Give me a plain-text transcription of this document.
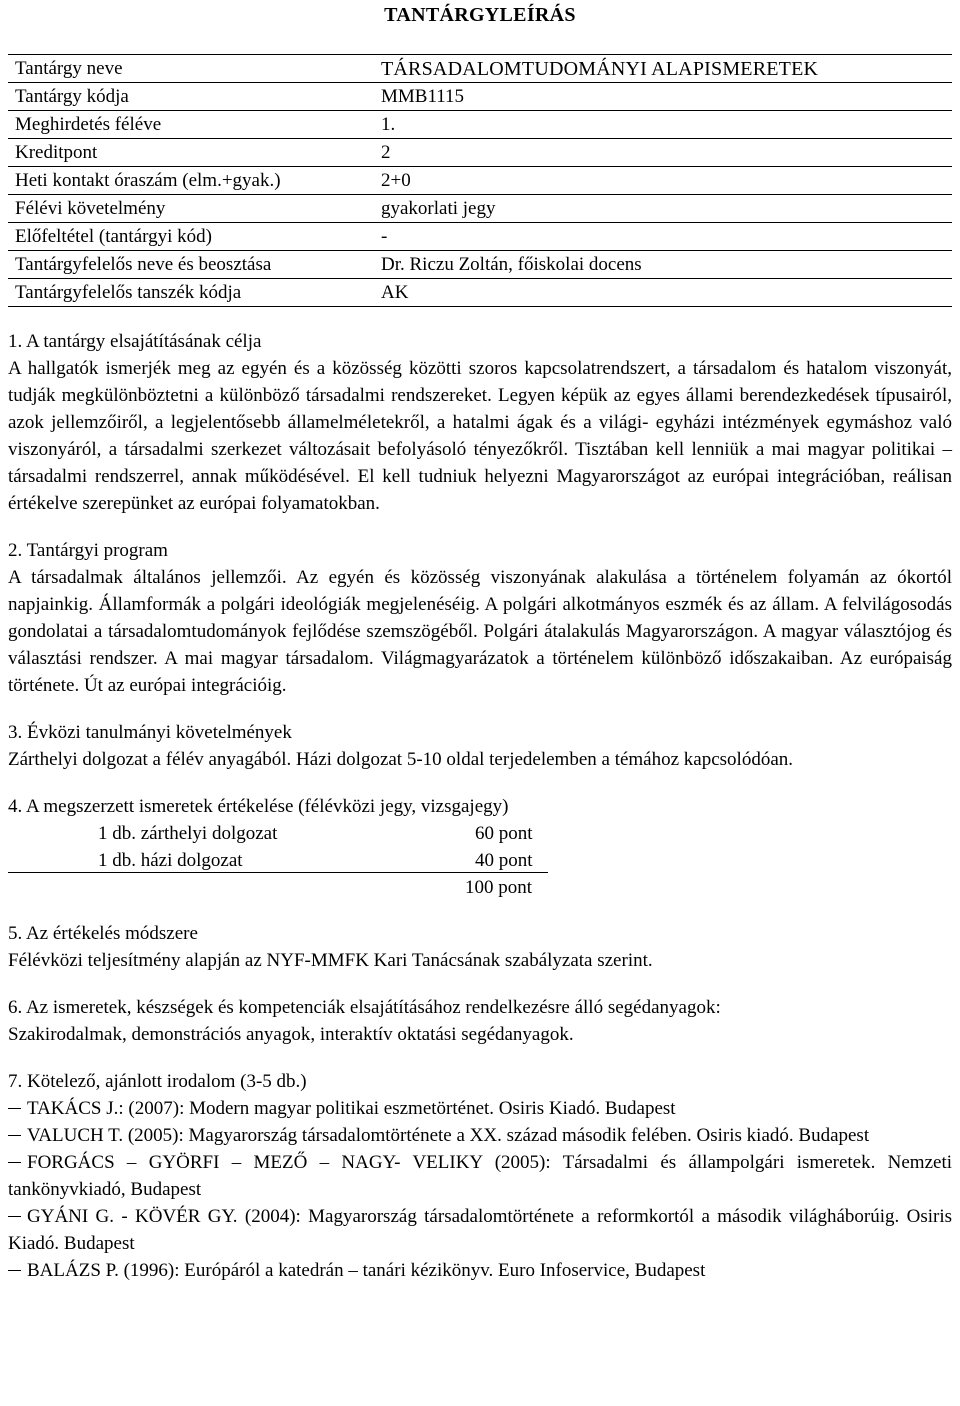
TANTÁRGYLEÍRÁS
Tantárgy neve	TÁRSADALOMTUDOMÁNYI ALAPISMERETEK
Tantárgy kódja	MMB1115
Meghirdetés féléve	1.
Kreditpont	2
Heti kontakt óraszám (elm.+gyak.)	2+0
Félévi követelmény	gyakorlati jegy
Előfeltétel (tantárgyi kód)	-
Tantárgyfelelős neve és beosztása	Dr. Riczu Zoltán, főiskolai docens
Tantárgyfelelős tanszék kódja	AK
1. A tantárgy elsajátításának célja

A hallgatók ismerjék meg az egyén és a közösség közötti szoros kapcsolatrendszert, a társadalom és hatalom viszonyát, tudják megkülönböztetni a különböző társadalmi rendszereket. Legyen képük az egyes állami berendezkedések típusairól, azok jellemzőiről, a legjelentősebb államelméletekről, a hatalmi ágak és a világi- egyházi intézmények egymáshoz való viszonyáról, a társadalmi szerkezet változásait befolyásoló tényezőkről. Tisztában kell lenniük a mai magyar politikai – társadalmi rendszerrel, annak működésével. El kell tudniuk helyezni Magyarországot az európai integrációban, reálisan értékelve szerepünket az európai folyamatokban.

2. Tantárgyi program

A társadalmak általános jellemzői. Az egyén és közösség viszonyának alakulása a történelem folyamán az ókortól napjainkig. Államformák a polgári ideológiák megjelenéséig. A polgári alkotmányos eszmék és az állam. A felvilágosodás gondolatai a társadalomtudományok fejlődése szemszögéből. Polgári átalakulás Magyarországon. A magyar választójog és választási rendszer. A mai magyar társadalom. Világmagyarázatok a történelem különböző időszakaiban. Az európaiság története. Út az európai integrációig.

3. Évközi tanulmányi követelmények

Zárthelyi dolgozat a félév anyagából. Házi dolgozat 5-10 oldal terjedelemben a témához kapcsolódóan.

4. A megszerzett ismeretek értékelése (félévközi jegy, vizsgajegy)
1 db. zárthelyi dolgozat	60 pont
1 db. házi dolgozat	40 pont
100 pont
5. Az értékelés módszere

Félévközi teljesítmény alapján az NYF-MMFK Kari Tanácsának szabályzata szerint.

6. Az ismeretek, készségek és kompetenciák elsajátításához rendelkezésre álló segédanyagok:

Szakirodalmak, demonstrációs anyagok, interaktív oktatási segédanyagok.

7. Kötelező, ajánlott irodalom (3-5 db.)
TAKÁCS J.: (2007): Modern magyar politikai eszmetörténet. Osiris Kiadó. Budapest
VALUCH T. (2005): Magyarország társadalomtörténete a XX. század második felében. Osiris kiadó. Budapest
FORGÁCS – GYÖRFI – MEZŐ – NAGY- VELIKY (2005): Társadalmi és állampolgári ismeretek. Nemzeti tankönyvkiadó, Budapest
GYÁNI G. - KÖVÉR GY. (2004): Magyarország társadalomtörténete a reformkortól a második világháborúig. Osiris Kiadó. Budapest
BALÁZS P. (1996): Európáról a katedrán – tanári kézikönyv. Euro Infoservice, Budapest
